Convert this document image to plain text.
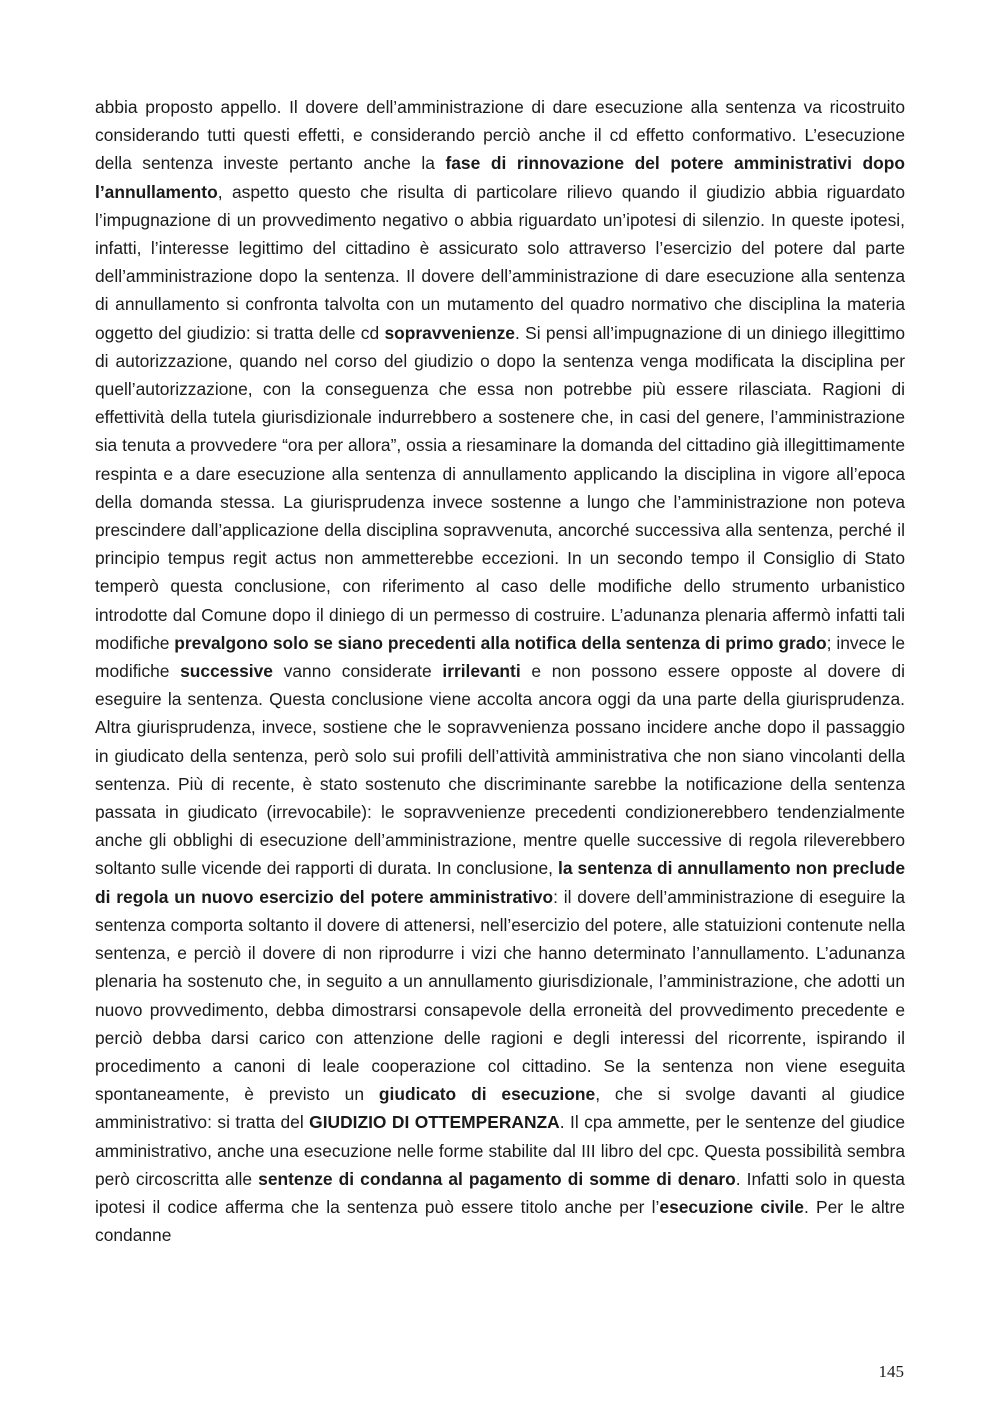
abbia proposto appello. Il dovere dell’amministrazione di dare esecuzione alla sentenza va ricostruito considerando tutti questi effetti, e considerando perciò anche il cd effetto conformativo. L’esecuzione della sentenza investe pertanto anche la fase di rinnovazione del potere amministrativi dopo l’annullamento, aspetto questo che risulta di particolare rilievo quando il giudizio abbia riguardato l’impugnazione di un provvedimento negativo o abbia riguardato un’ipotesi di silenzio. In queste ipotesi, infatti, l’interesse legittimo del cittadino è assicurato solo attraverso l’esercizio del potere dal parte dell’amministrazione dopo la sentenza. Il dovere dell’amministrazione di dare esecuzione alla sentenza di annullamento si confronta talvolta con un mutamento del quadro normativo che disciplina la materia oggetto del giudizio: si tratta delle cd sopravvenienze. Si pensi all’impugnazione di un diniego illegittimo di autorizzazione, quando nel corso del giudizio o dopo la sentenza venga modificata la disciplina per quell’autorizzazione, con la conseguenza che essa non potrebbe più essere rilasciata. Ragioni di effettività della tutela giurisdizionale indurrebbero a sostenere che, in casi del genere, l’amministrazione sia tenuta a provvedere “ora per allora”, ossia a riesaminare la domanda del cittadino già illegittimamente respinta e a dare esecuzione alla sentenza di annullamento applicando la disciplina in vigore all’epoca della domanda stessa. La giurisprudenza invece sostenne a lungo che l’amministrazione non poteva prescindere dall’applicazione della disciplina sopravvenuta, ancorché successiva alla sentenza, perché il principio tempus regit actus non ammetterebbe eccezioni. In un secondo tempo il Consiglio di Stato temperò questa conclusione, con riferimento al caso delle modifiche dello strumento urbanistico introdotte dal Comune dopo il diniego di un permesso di costruire. L’adunanza plenaria affermò infatti tali modifiche prevalgono solo se siano precedenti alla notifica della sentenza di primo grado; invece le modifiche successive vanno considerate irrilevanti e non possono essere opposte al dovere di eseguire la sentenza. Questa conclusione viene accolta ancora oggi da una parte della giurisprudenza. Altra giurisprudenza, invece, sostiene che le sopravvenienza possano incidere anche dopo il passaggio in giudicato della sentenza, però solo sui profili dell’attività amministrativa che non siano vincolanti della sentenza. Più di recente, è stato sostenuto che discriminante sarebbe la notificazione della sentenza passata in giudicato (irrevocabile): le sopravvenienze precedenti condizionerebbero tendenzialmente anche gli obblighi di esecuzione dell’amministrazione, mentre quelle successive di regola rileverebbero soltanto sulle vicende dei rapporti di durata. In conclusione, la sentenza di annullamento non preclude di regola un nuovo esercizio del potere amministrativo: il dovere dell’amministrazione di eseguire la sentenza comporta soltanto il dovere di attenersi, nell’esercizio del potere, alle statuizioni contenute nella sentenza, e perciò il dovere di non riprodurre i vizi che hanno determinato l’annullamento. L’adunanza plenaria ha sostenuto che, in seguito a un annullamento giurisdizionale, l’amministrazione, che adotti un nuovo provvedimento, debba dimostrarsi consapevole della erroneità del provvedimento precedente e perciò debba darsi carico con attenzione delle ragioni e degli interessi del ricorrente, ispirando il procedimento a canoni di leale cooperazione col cittadino. Se la sentenza non viene eseguita spontaneamente, è previsto un giudicato di esecuzione, che si svolge davanti al giudice amministrativo: si tratta del GIUDIZIO DI OTTEMPERANZA. Il cpa ammette, per le sentenze del giudice amministrativo, anche una esecuzione nelle forme stabilite dal III libro del cpc. Questa possibilità sembra però circoscritta alle sentenze di condanna al pagamento di somme di denaro. Infatti solo in questa ipotesi il codice afferma che la sentenza può essere titolo anche per l’esecuzione civile. Per le altre condanne

145
